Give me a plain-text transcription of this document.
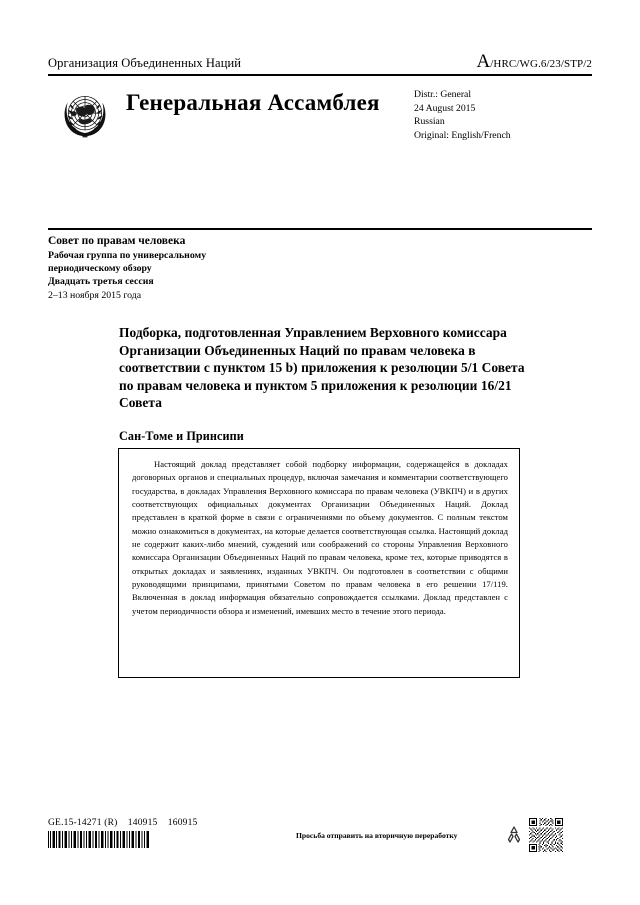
Организация Объединенных Наций	A/HRC/WG.6/23/STP/2
Генеральная Ассамблея	Distr.: General
24 August 2015
Russian
Original: English/French
Совет по правам человека
Рабочая группа по универсальному
периодическому обзору
Двадцать третья сессия
2–13 ноября 2015 года
Подборка, подготовленная Управлением Верховного комиссара Организации Объединенных Наций по правам человека в соответствии с пунктом 15 b) приложения к резолюции 5/1 Совета по правам человека и пунктом 5 приложения к резолюции 16/21 Совета
Сан-Томе и Принсипи
Настоящий доклад представляет собой подборку информации, содержащейся в докладах договорных органов и специальных процедур, включая замечания и комментарии соответствующего государства, в докладах Управления Верховного комиссара по правам человека (УВКПЧ) и в других соответствующих официальных документах Организации Объединенных Наций. Доклад представлен в краткой форме в связи с ограничениями по объему документов. С полным текстом можно ознакомиться в документах, на которые делается соответствующая ссылка. Настоящий доклад не содержит каких-либо мнений, суждений или соображений со стороны Управления Верховного комиссара Организации Объединенных Наций по правам человека, кроме тех, которые приводятся в открытых докладах и заявлениях, изданных УВКПЧ. Он подготовлен в соответствии с общими руководящими принципами, принятыми Советом по правам человека в его решении 17/119. Включенная в доклад информация обязательно сопровождается ссылками. Доклад представлен с учетом периодичности обзора и изменений, имевших место в течение этого периода.
GE.15-14271 (R)    140915    160915
Просьба отправить на вторичную переработку
